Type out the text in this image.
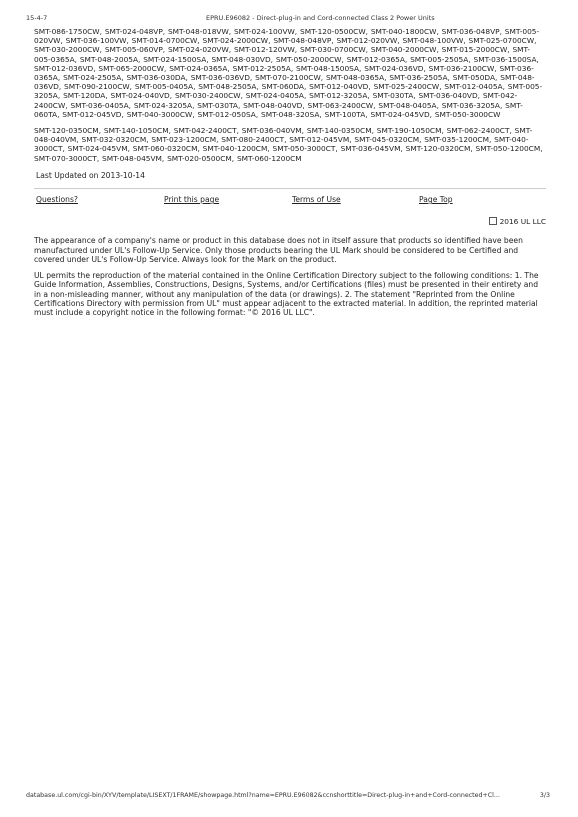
15-4-7	EPRU.E96082 - Direct-plug-in and Cord-connected Class 2 Power Units

SMT-086-1750CW, SMT-024-048VP, SMT-048-018VW, SMT-024-100VW, SMT-120-0500CW, SMT-040-1800CW, SMT-036-048VP, SMT-005-020VW, SMT-036-100VW, SMT-014-0700CW, SMT-024-2000CW, SMT-048-048VP, SMT-012-020VW, SMT-048-100VW, SMT-025-0700CW, SMT-030-2000CW, SMT-005-060VP, SMT-024-020VW, SMT-012-120VW, SMT-030-0700CW, SMT-040-2000CW, SMT-015-2000CW, SMT-005-0365A, SMT-048-2005A, SMT-024-1500SA, SMT-048-030VD, SMT-050-2000CW, SMT-012-0365A, SMT-005-2505A, SMT-036-1500SA, SMT-012-036VD, SMT-065-2000CW, SMT-024-0365A, SMT-012-2505A, SMT-048-1500SA, SMT-024-036VD, SMT-036-2100CW, SMT-036-0365A, SMT-024-2505A, SMT-036-030DA, SMT-036-036VD, SMT-070-2100CW, SMT-048-0365A, SMT-036-2505A, SMT-050DA, SMT-048-036VD, SMT-090-2100CW, SMT-005-0405A, SMT-048-2505A, SMT-060DA, SMT-012-040VD, SMT-025-2400CW, SMT-012-0405A, SMT-005-3205A, SMT-120DA, SMT-024-040VD, SMT-030-2400CW, SMT-024-0405A, SMT-012-3205A, SMT-030TA, SMT-036-040VD, SMT-042-2400CW, SMT-036-0405A, SMT-024-3205A, SMT-030TA, SMT-048-040VD, SMT-063-2400CW, SMT-048-0405A, SMT-036-3205A, SMT-060TA, SMT-012-045VD, SMT-040-3000CW, SMT-012-050SA, SMT-048-320SA, SMT-100TA, SMT-024-045VD, SMT-050-3000CW

SMT-120-0350CM, SMT-140-1050CM, SMT-042-2400CT, SMT-036-040VM, SMT-140-0350CM, SMT-190-1050CM, SMT-062-2400CT, SMT-048-040VM, SMT-032-0320CM, SMT-023-1200CM, SMT-080-2400CT, SMT-012-045VM, SMT-045-0320CM, SMT-035-1200CM, SMT-040-3000CT, SMT-024-045VM, SMT-060-0320CM, SMT-040-1200CM, SMT-050-3000CT, SMT-036-045VM, SMT-120-0320CM, SMT-050-1200CM, SMT-070-3000CT, SMT-048-045VM, SMT-020-0500CM, SMT-060-1200CM

Last Updated on 2013-10-14
Questions?	Print this page	Terms of Use	Page Top
2016 UL LLC

The appearance of a company's name or product in this database does not in itself assure that products so identified have been manufactured under UL's Follow-Up Service. Only those products bearing the UL Mark should be considered to be Certified and covered under UL's Follow-Up Service. Always look for the Mark on the product.

UL permits the reproduction of the material contained in the Online Certification Directory subject to the following conditions: 1. The Guide Information, Assemblies, Constructions, Designs, Systems, and/or Certifications (files) must be presented in their entirety and in a non-misleading manner, without any manipulation of the data (or drawings). 2. The statement "Reprinted from the Online Certifications Directory with permission from UL" must appear adjacent to the extracted material. In addition, the reprinted material must include a copyright notice in the following format: "© 2016 UL LLC".

database.ul.com/cgi-bin/XYV/template/LISEXT/1FRAME/showpage.html?name=EPRU.E96082&ccnshorttitle=Direct-plug-in+and+Cord-connected+Cl...	3/3
